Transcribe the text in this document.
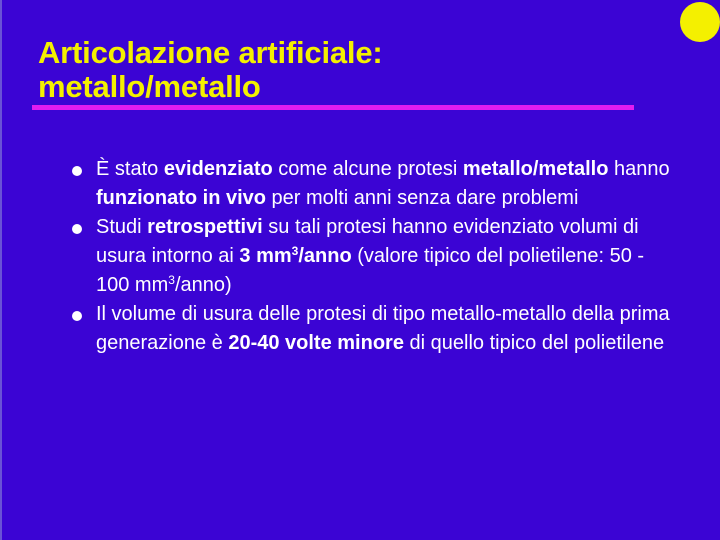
Articolazione artificiale:
metallo/metallo
È stato evidenziato come alcune protesi metallo/metallo hanno funzionato in vivo per molti anni senza dare problemi
Studi retrospettivi su tali protesi hanno evidenziato volumi di usura intorno ai 3 $mm^3$/anno (valore tipico del polietilene: 50 - 100 $mm^3/anno$)
Il volume di usura delle protesi di tipo metallo-metallo della prima generazione è 20-40 volte minore di quello tipico del polietilene
